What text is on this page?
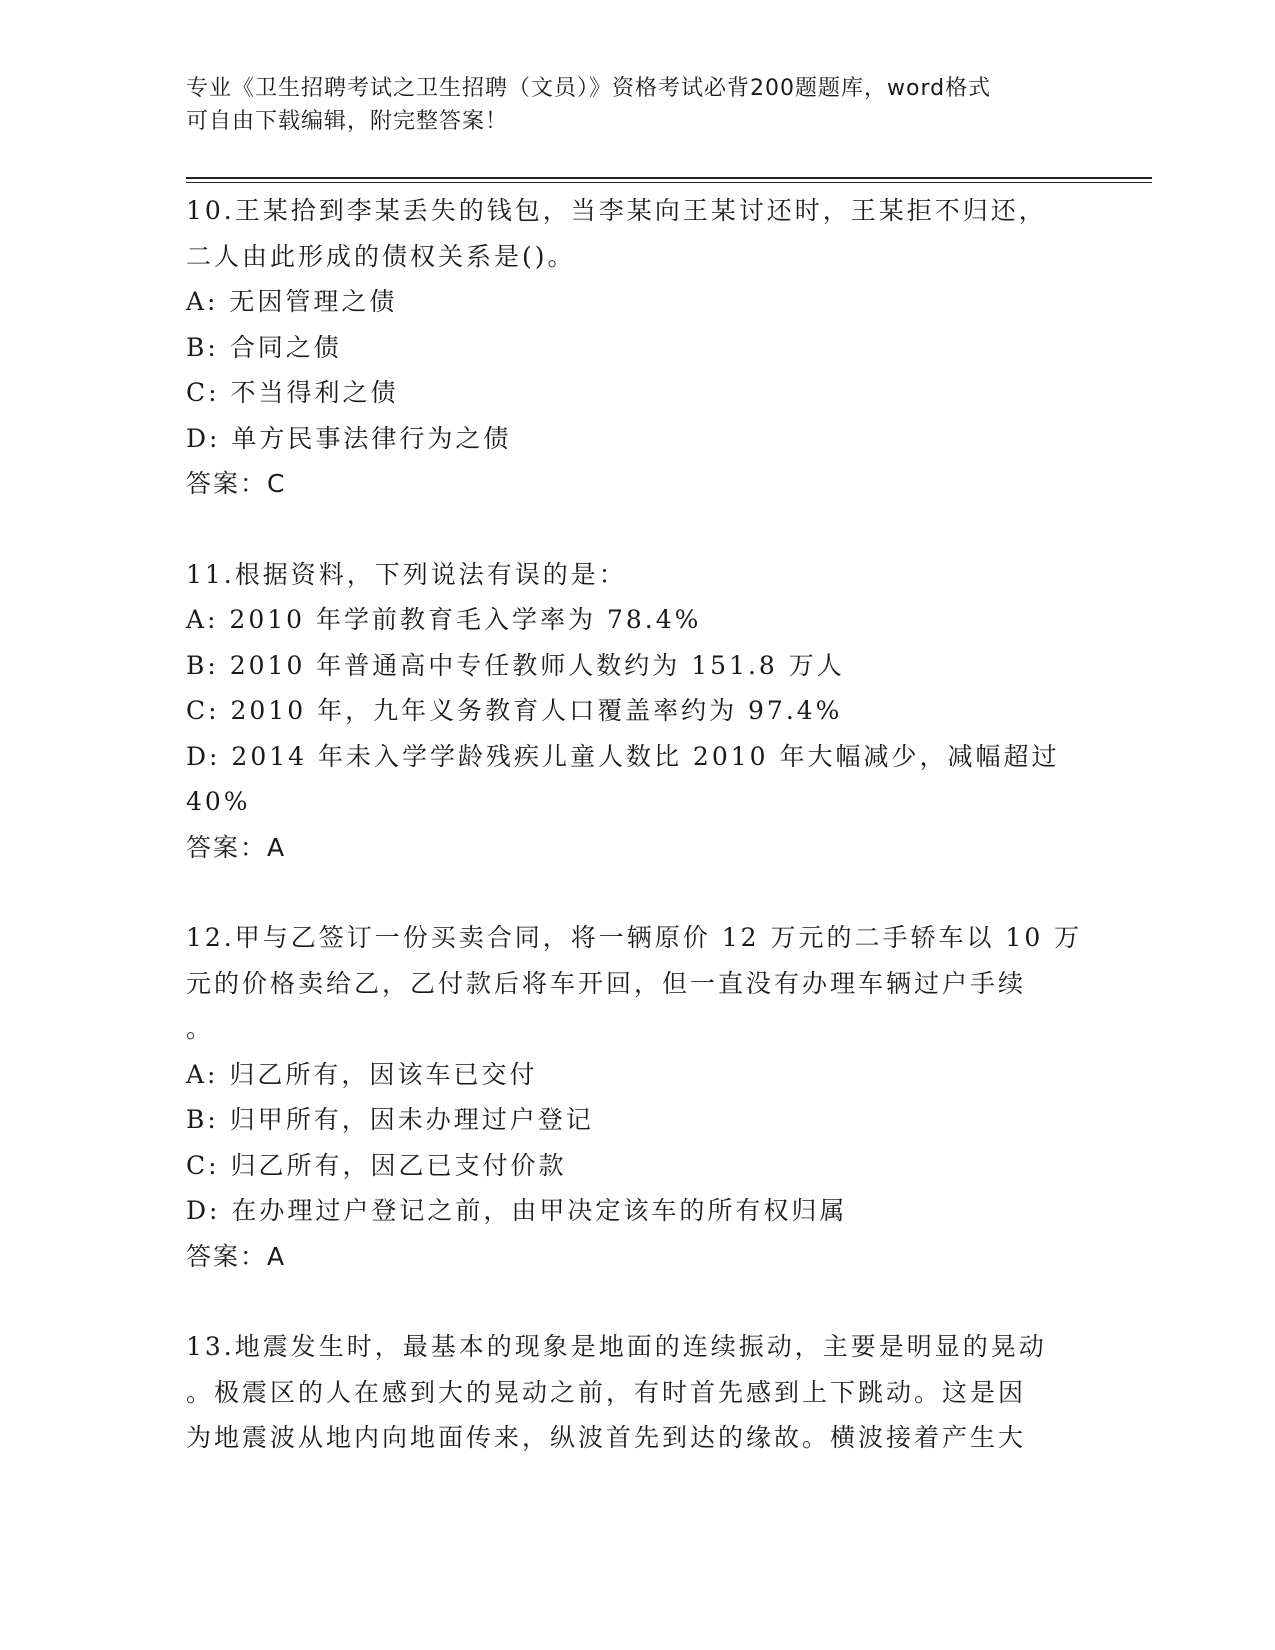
专业《卫生招聘考试之卫生招聘（文员）》资格考试必背200题题库，word格式
可自由下载编辑，附完整答案！
10.王某拾到李某丢失的钱包，当李某向王某讨还时，王某拒不归还，
二人由此形成的债权关系是()。
A: 无因管理之债
B: 合同之债
C: 不当得利之债
D: 单方民事法律行为之债
答案：C
11.根据资料，下列说法有误的是：
A: 2010 年学前教育毛入学率为 78.4%
B: 2010 年普通高中专任教师人数约为 151.8 万人
C: 2010 年，九年义务教育人口覆盖率约为 97.4%
D: 2014 年未入学学龄残疾儿童人数比 2010 年大幅减少，减幅超过
40%
答案：A
12.甲与乙签订一份买卖合同，将一辆原价 12 万元的二手轿车以 10 万
元的价格卖给乙，乙付款后将车开回，但一直没有办理车辆过户手续
。
A: 归乙所有，因该车已交付
B: 归甲所有，因未办理过户登记
C: 归乙所有，因乙已支付价款
D: 在办理过户登记之前，由甲决定该车的所有权归属
答案：A
13.地震发生时，最基本的现象是地面的连续振动，主要是明显的晃动
。极震区的人在感到大的晃动之前，有时首先感到上下跳动。这是因
为地震波从地内向地面传来，纵波首先到达的缘故。横波接着产生大
